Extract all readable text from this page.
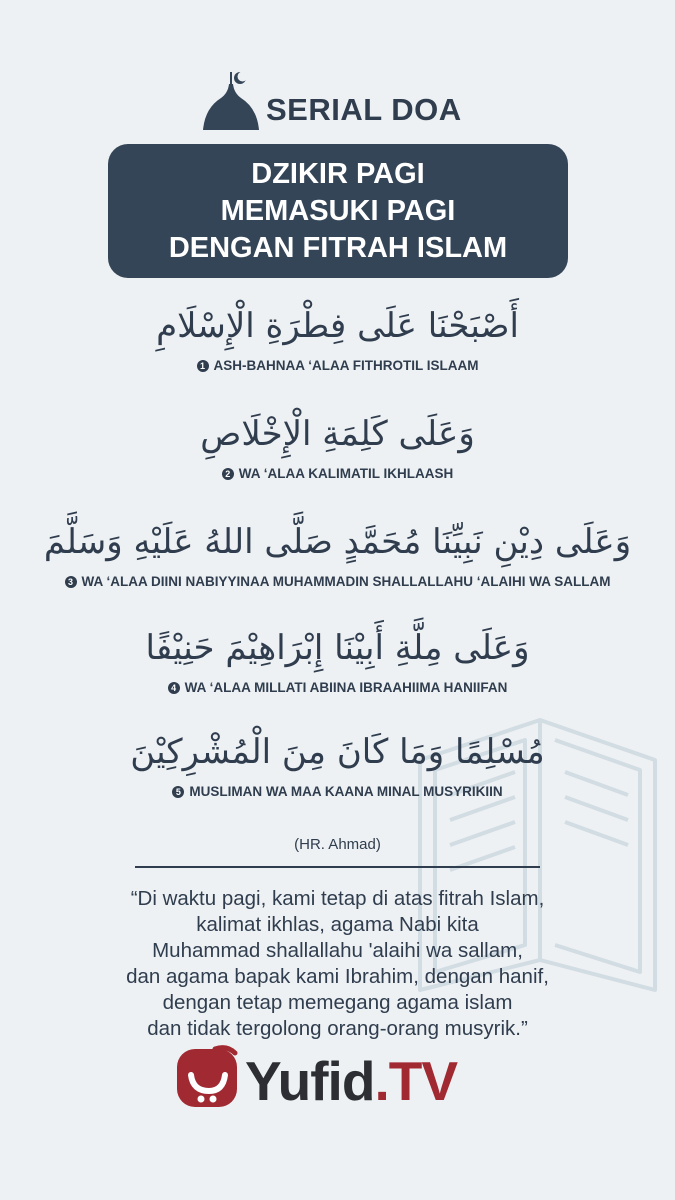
SERIAL DOA
DZIKIR PAGI
MEMASUKI PAGI
DENGAN FITRAH ISLAM
أَصْبَحْنَا عَلَى فِطْرَةِ الْإِسْلَامِ
1 ASH-BAHNAA ‘ALAA FITHROTIL ISLAAM
وَعَلَى كَلِمَةِ الْإِخْلَاصِ
2 WA ‘ALAA KALIMATIL IKHLAASH
وَعَلَى دِيْنِ نَبِيِّنَا مُحَمَّدٍ صَلَّى اللهُ عَلَيْهِ وَسَلَّمَ
3 WA ‘ALAA DIINI NABIYYINAA MUHAMMADIN SHALLALLAHU ‘ALAIHI WA SALLAM
وَعَلَى مِلَّةِ أَبِيْنَا إِبْرَاهِيْمَ حَنِيْفًا
4 WA ‘ALAA MILLATI ABIINA IBRAAHIIMA HANIIFAN
مُسْلِمًا وَمَا كَانَ مِنَ الْمُشْرِكِيْنَ
5 MUSLIMAN WA MAA KAANA MINAL MUSYRIKIIN
(HR. Ahmad)
“Di waktu pagi, kami tetap di atas fitrah Islam,
kalimat ikhlas, agama Nabi kita
Muhammad shallallahu 'alaihi wa sallam,
dan agama bapak kami Ibrahim, dengan hanif,
dengan tetap memegang agama islam
dan tidak tergolong orang-orang musyrik.”
Yufid.TV
